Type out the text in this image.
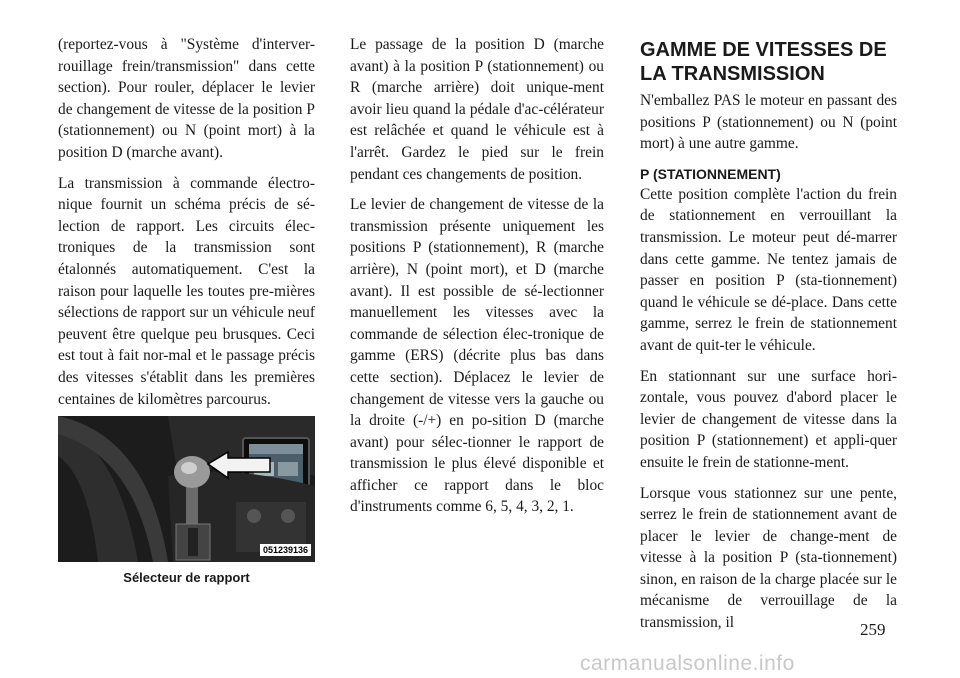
(reportez-vous à "Système d'interver-rouillage frein/transmission" dans cette section). Pour rouler, déplacer le levier de changement de vitesse de la position P (stationnement) ou N (point mort) à la position D (marche avant).

La transmission à commande électro-nique fournit un schéma précis de sé-lection de rapport. Les circuits élec-troniques de la transmission sont étalonnés automatiquement. C'est la raison pour laquelle les toutes pre-mières sélections de rapport sur un véhicule neuf peuvent être quelque peu brusques. Ceci est tout à fait nor-mal et le passage précis des vitesses s'établit dans les premières centaines de kilomètres parcourus.

051239136
Sélecteur de rapport

Le passage de la position D (marche avant) à la position P (stationnement) ou R (marche arrière) doit unique-ment avoir lieu quand la pédale d'ac-célérateur est relâchée et quand le véhicule est à l'arrêt. Gardez le pied sur le frein pendant ces changements de position.

Le levier de changement de vitesse de la transmission présente uniquement les positions P (stationnement), R (marche arrière), N (point mort), et D (marche avant). Il est possible de sé-lectionner manuellement les vitesses avec la commande de sélection élec-tronique de gamme (ERS) (décrite plus bas dans cette section). Déplacez le levier de changement de vitesse vers la gauche ou la droite (-/+) en po-sition D (marche avant) pour sélec-tionner le rapport de transmission le plus élevé disponible et afficher ce rapport dans le bloc d'instruments comme 6, 5, 4, 3, 2, 1.

GAMME DE VITESSES DE LA TRANSMISSION

N'emballez PAS le moteur en passant des positions P (stationnement) ou N (point mort) à une autre gamme.

P (STATIONNEMENT)

Cette position complète l'action du frein de stationnement en verrouillant la transmission. Le moteur peut dé-marrer dans cette gamme. Ne tentez jamais de passer en position P (sta-tionnement) quand le véhicule se dé-place. Dans cette gamme, serrez le frein de stationnement avant de quit-ter le véhicule.

En stationnant sur une surface hori-zontale, vous pouvez d'abord placer le levier de changement de vitesse dans la position P (stationnement) et appli-quer ensuite le frein de stationne-ment.

Lorsque vous stationnez sur une pente, serrez le frein de stationnement avant de placer le levier de change-ment de vitesse à la position P (sta-tionnement) sinon, en raison de la charge placée sur le mécanisme de verrouillage de la transmission, il	259
carmanualsonline.info
